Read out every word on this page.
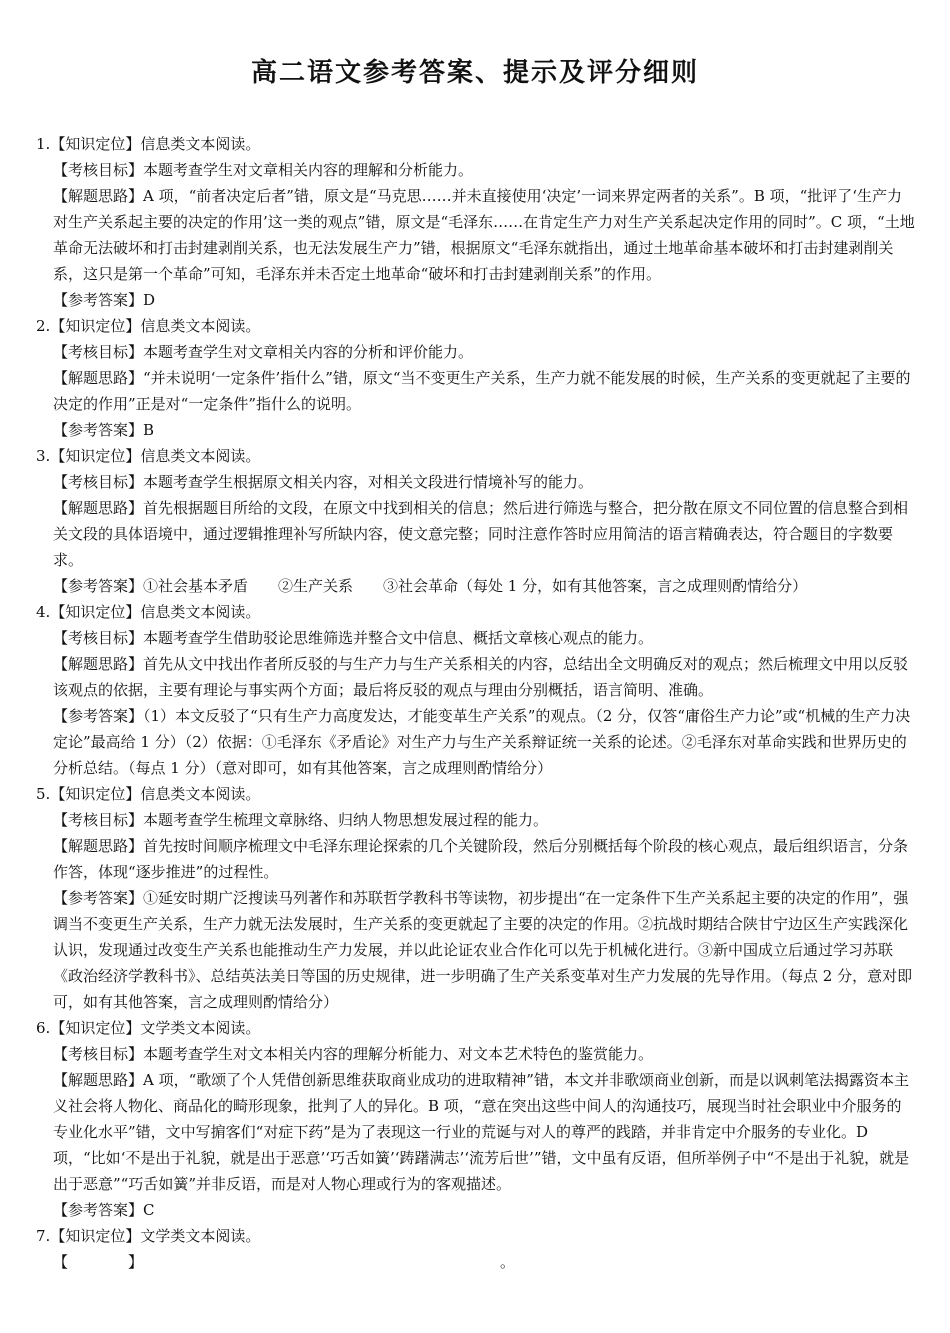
高二语文参考答案、提示及评分细则
1.【知识定位】信息类文本阅读。
【考核目标】本题考查学生对文章相关内容的理解和分析能力。
【解题思路】A 项，“前者决定后者”错，原文是“马克思……并未直接使用‘决定’一词来界定两者的关系”。B 项，“批评了‘生产力对生产关系起主要的决定的作用’这一类的观点”错，原文是“毛泽东……在肯定生产力对生产关系起决定作用的同时”。C 项，“土地革命无法破坏和打击封建剥削关系，也无法发展生产力”错，根据原文“毛泽东就指出，通过土地革命基本破坏和打击封建剥削关系，这只是第一个革命”可知，毛泽东并未否定土地革命“破坏和打击封建剥削关系”的作用。
【参考答案】D
2.【知识定位】信息类文本阅读。
【考核目标】本题考查学生对文章相关内容的分析和评价能力。
【解题思路】“并未说明‘一定条件’指什么”错，原文“当不变更生产关系，生产力就不能发展的时候，生产关系的变更就起了主要的决定的作用”正是对“一定条件”指什么的说明。
【参考答案】B
3.【知识定位】信息类文本阅读。
【考核目标】本题考查学生根据原文相关内容，对相关文段进行情境补写的能力。
【解题思路】首先根据题目所给的文段，在原文中找到相关的信息；然后进行筛选与整合，把分散在原文不同位置的信息整合到相关文段的具体语境中，通过逻辑推理补写所缺内容，使文意完整；同时注意作答时应用简洁的语言精确表达，符合题目的字数要求。
【参考答案】①社会基本矛盾　　②生产关系　　③社会革命（每处 1 分，如有其他答案，言之成理则酌情给分）
4.【知识定位】信息类文本阅读。
【考核目标】本题考查学生借助驳论思维筛选并整合文中信息、概括文章核心观点的能力。
【解题思路】首先从文中找出作者所反驳的与生产力与生产关系相关的内容，总结出全文明确反对的观点；然后梳理文中用以反驳该观点的依据，主要有理论与事实两个方面；最后将反驳的观点与理由分别概括，语言简明、准确。
【参考答案】（1）本文反驳了“只有生产力高度发达，才能变革生产关系”的观点。（2 分，仅答“庸俗生产力论”或“机械的生产力决定论”最高给 1 分）（2）依据：①毛泽东《矛盾论》对生产力与生产关系辩证统一关系的论述。②毛泽东对革命实践和世界历史的分析总结。（每点 1 分）（意对即可，如有其他答案，言之成理则酌情给分）
5.【知识定位】信息类文本阅读。
【考核目标】本题考查学生梳理文章脉络、归纳人物思想发展过程的能力。
【解题思路】首先按时间顺序梳理文中毛泽东理论探索的几个关键阶段，然后分别概括每个阶段的核心观点，最后组织语言，分条作答，体现“逐步推进”的过程性。
【参考答案】①延安时期广泛搜读马列著作和苏联哲学教科书等读物，初步提出“在一定条件下生产关系起主要的决定的作用”，强调当不变更生产关系，生产力就无法发展时，生产关系的变更就起了主要的决定的作用。②抗战时期结合陕甘宁边区生产实践深化认识，发现通过改变生产关系也能推动生产力发展，并以此论证农业合作化可以先于机械化进行。③新中国成立后通过学习苏联《政治经济学教科书》、总结英法美日等国的历史规律，进一步明确了生产关系变革对生产力发展的先导作用。（每点 2 分，意对即可，如有其他答案，言之成理则酌情给分）
6.【知识定位】文学类文本阅读。
【考核目标】本题考查学生对文本相关内容的理解分析能力、对文本艺术特色的鉴赏能力。
【解题思路】A 项，“歌颂了个人凭借创新思维获取商业成功的进取精神”错，本文并非歌颂商业创新，而是以讽刺笔法揭露资本主义社会将人物化、商品化的畸形现象，批判了人的异化。B 项，“意在突出这些中间人的沟通技巧，展现当时社会职业中介服务的专业化水平”错，文中写掮客们“对症下药”是为了表现这一行业的荒诞与对人的尊严的践踏，并非肯定中介服务的专业化。D 项，“比如‘不是出于礼貌，就是出于恶意’‘巧舌如簧’‘踌躇满志’‘流芳后世’”错，文中虽有反语，但所举例子中“不是出于礼貌，就是出于恶意”“巧舌如簧”并非反语，而是对人物心理或行为的客观描述。
【参考答案】C
7.【知识定位】文学类文本阅读。
【　　　　】	。
